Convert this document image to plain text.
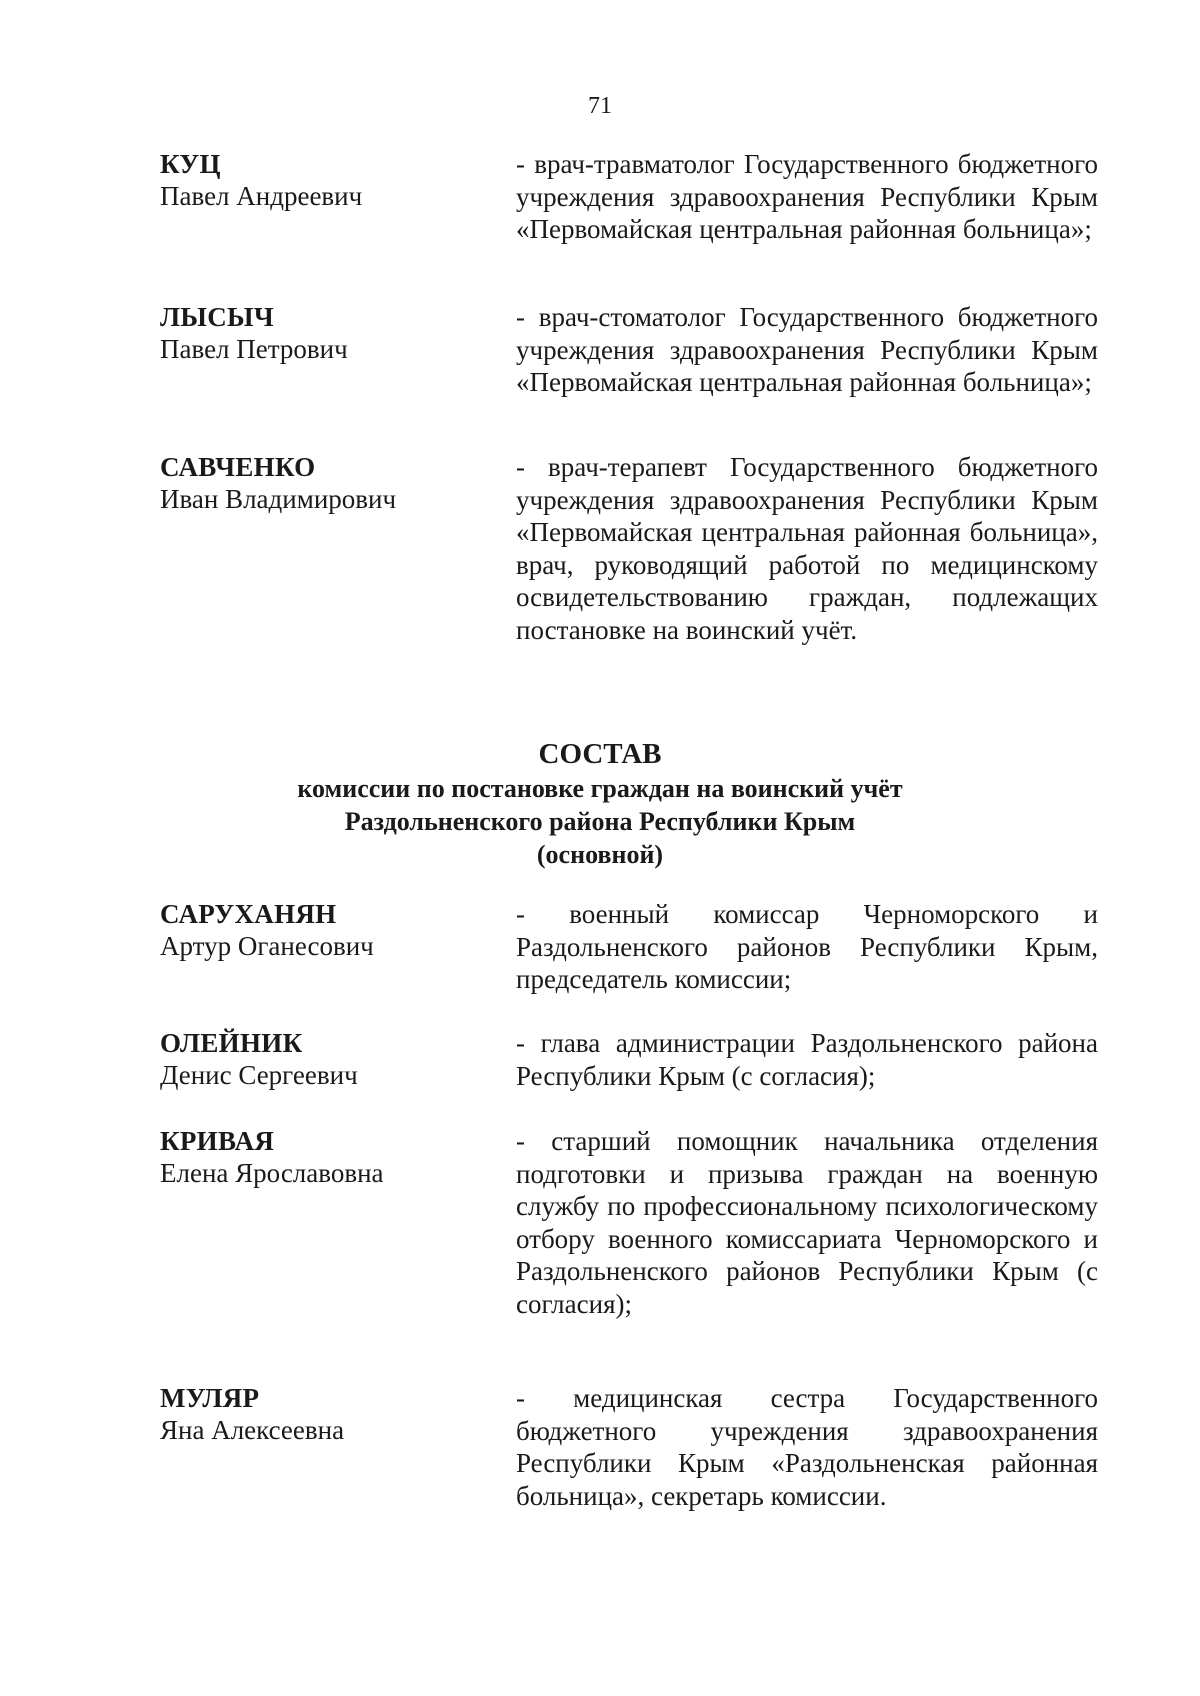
71
КУЦ
Павел Андреевич
- врач-травматолог Государственного бюджетного учреждения здравоохранения Республики Крым «Первомайская центральная районная больница»;
ЛЫСЫЧ
Павел Петрович
- врач-стоматолог Государственного бюджетного учреждения здравоохранения Республики Крым «Первомайская центральная районная больница»;
САВЧЕНКО
Иван Владимирович
- врач-терапевт Государственного бюджетного учреждения здравоохранения Республики Крым «Первомайская центральная районная больница», врач, руководящий работой по медицинскому освидетельствованию граждан, подлежащих постановке на воинский учёт.
СОСТАВ
комиссии по постановке граждан на воинский учёт
Раздольненского района Республики Крым
(основной)
САРУХАНЯН
Артур Оганесович
- военный комиссар Черноморского и Раздольненского районов Республики Крым, председатель комиссии;
ОЛЕЙНИК
Денис Сергеевич
- глава администрации Раздольненского района Республики Крым (с согласия);
КРИВАЯ
Елена Ярославовна
- старший помощник начальника отделения подготовки и призыва граждан на военную службу по профессиональному психологическому отбору военного комиссариата Черноморского и Раздольненского районов Республики Крым (с согласия);
МУЛЯР
Яна Алексеевна
- медицинская сестра Государственного бюджетного учреждения здравоохранения Республики Крым «Раздольненская районная больница», секретарь комиссии.
